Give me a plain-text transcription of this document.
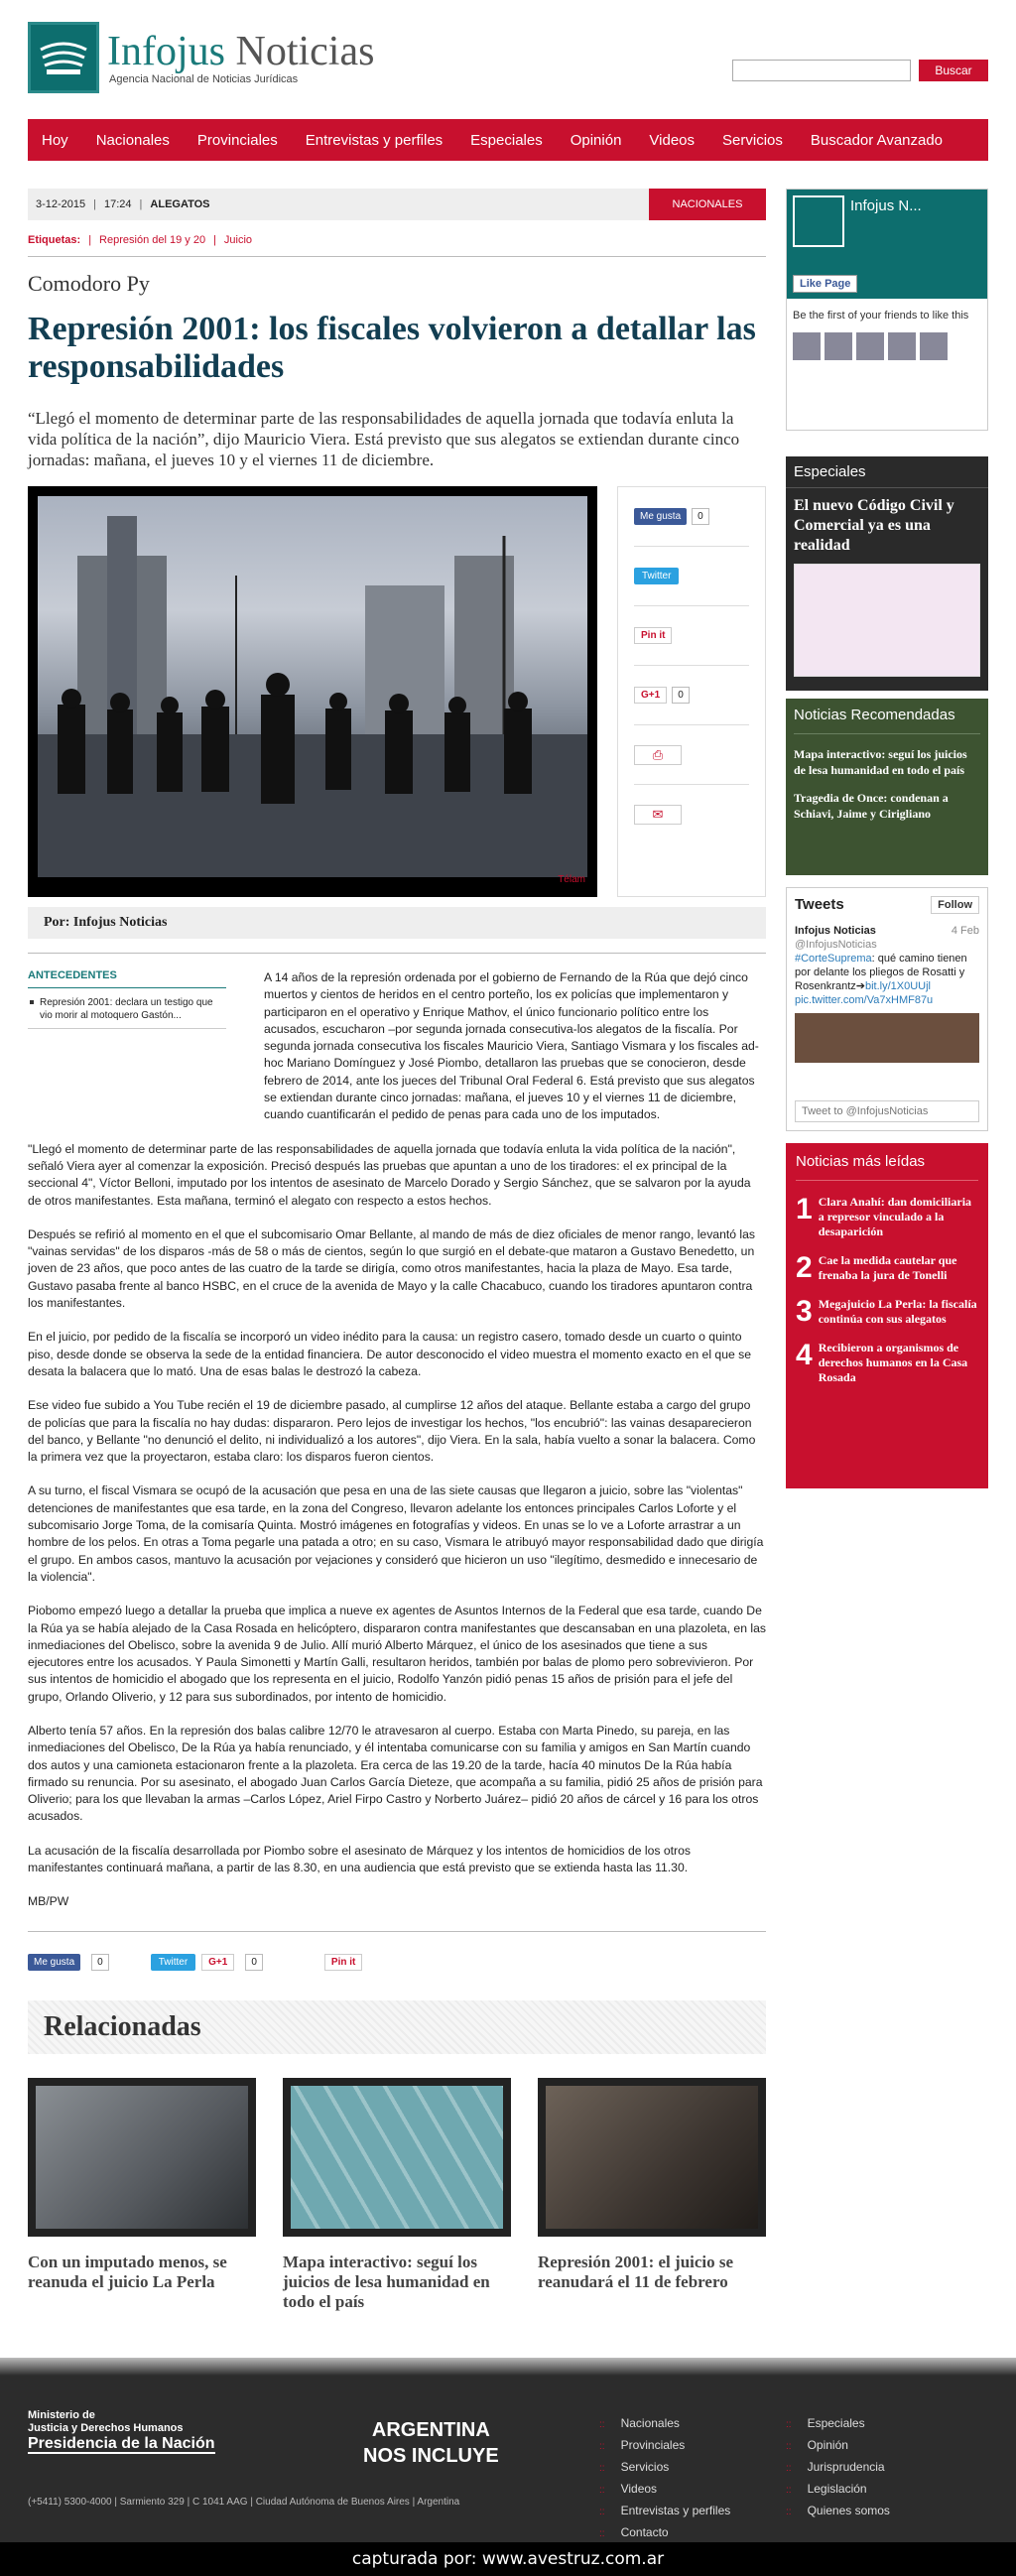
Infojus Noticias
Agencia Nacional de Noticias Jurídicas
Buscar
Hoy	Nacionales	Provinciales	Entrevistas y perfiles	Especiales	Opinión	Videos	Servicios	Buscador Avanzado
3-12-2015 | 17:24 | ALEGATOS	NACIONALES
Etiquetas: | Represión del 19 y 20 | Juicio
Comodoro Py
Represión 2001: los fiscales volvieron a detallar las responsabilidades

“Llegó el momento de determinar parte de las responsabilidades de aquella jornada que todavía enluta la vida política de la nación”, dijo Mauricio Viera. Está previsto que sus alegatos se extiendan durante cinco jornadas: mañana, el jueves 10 y el viernes 11 de diciembre.

Télam
Me gusta	0
Twitter
Pin it
G+1	0
⎙
✉
Por: Infojus Noticias
ANTECEDENTES
Represión 2001: declara un testigo que vio morir al motoquero Gastón...

A 14 años de la represión ordenada por el gobierno de Fernando de la Rúa que dejó cinco muertos y cientos de heridos en el centro porteño, los ex policías que implementaron y participaron en el operativo y Enrique Mathov, el único funcionario político entre los acusados, escucharon –por segunda jornada consecutiva-los alegatos de la fiscalía. Por segunda jornada consecutiva los fiscales Mauricio Viera, Santiago Vismara y los fiscales ad-hoc Mariano Domínguez y José Piombo, detallaron las pruebas que se conocieron, desde febrero de 2014, ante los jueces del Tribunal Oral Federal 6. Está previsto que sus alegatos se extiendan durante cinco jornadas: mañana, el jueves 10 y el viernes 11 de diciembre, cuando cuantificarán el pedido de penas para cada uno de los imputados.

"Llegó el momento de determinar parte de las responsabilidades de aquella jornada que todavía enluta la vida política de la nación", señaló Viera ayer al comenzar la exposición. Precisó después las pruebas que apuntan a uno de los tiradores: el ex principal de la seccional 4", Víctor Belloni, imputado por los intentos de asesinato de Marcelo Dorado y Sergio Sánchez, que se salvaron por la ayuda de otros manifestantes. Esta mañana, terminó el alegato con respecto a estos hechos.

Después se refirió al momento en el que el subcomisario Omar Bellante, al mando de más de diez oficiales de menor rango, levantó las "vainas servidas" de los disparos -más de 58 o más de cientos, según lo que surgió en el debate-que mataron a Gustavo Benedetto, un joven de 23 años, que poco antes de las cuatro de la tarde se dirigía, como otros manifestantes, hacia la plaza de Mayo. Esa tarde, Gustavo pasaba frente al banco HSBC, en el cruce de la avenida de Mayo y la calle Chacabuco, cuando los tiradores apuntaron contra los manifestantes.

En el juicio, por pedido de la fiscalía se incorporó un video inédito para la causa: un registro casero, tomado desde un cuarto o quinto piso, desde donde se observa la sede de la entidad financiera. De autor desconocido el video muestra el momento exacto en el que se desata la balacera que lo mató. Una de esas balas le destrozó la cabeza.

Ese video fue subido a You Tube recién el 19 de diciembre pasado, al cumplirse 12 años del ataque. Bellante estaba a cargo del grupo de policías que para la fiscalía no hay dudas: dispararon. Pero lejos de investigar los hechos, "los encubrió": las vainas desaparecieron del banco, y Bellante "no denunció el delito, ni individualizó a los autores", dijo Viera. En la sala, había vuelto a sonar la balacera. Como la primera vez que la proyectaron, estaba claro: los disparos fueron cientos.

A su turno, el fiscal Vismara se ocupó de la acusación que pesa en una de las siete causas que llegaron a juicio, sobre las "violentas" detenciones de manifestantes que esa tarde, en la zona del Congreso, llevaron adelante los entonces principales Carlos Loforte y el subcomisario Jorge Toma, de la comisaría Quinta. Mostró imágenes en fotografías y videos. En unas se lo ve a Loforte arrastrar a un hombre de los pelos. En otras a Toma pegarle una patada a otro; en su caso, Vismara le atribuyó mayor responsabilidad dado que dirigía el grupo. En ambos casos, mantuvo la acusación por vejaciones y consideró que hicieron un uso "ilegítimo, desmedido e innecesario de la violencia".

Piobomo empezó luego a detallar la prueba que implica a nueve ex agentes de Asuntos Internos de la Federal que esa tarde, cuando De la Rúa ya se había alejado de la Casa Rosada en helicóptero, dispararon contra manifestantes que descansaban en una plazoleta, en las inmediaciones del Obelisco, sobre la avenida 9 de Julio. Allí murió Alberto Márquez, el único de los asesinados que tiene a sus ejecutores entre los acusados. Y Paula Simonetti y Martín Galli, resultaron heridos, también por balas de plomo pero sobrevivieron. Por sus intentos de homicidio el abogado que los representa en el juicio, Rodolfo Yanzón pidió penas 15 años de prisión para el jefe del grupo, Orlando Oliverio, y 12 para sus subordinados, por intento de homicidio.

Alberto tenía 57 años. En la represión dos balas calibre 12/70 le atravesaron al cuerpo. Estaba con Marta Pinedo, su pareja, en las inmediaciones del Obelisco, De la Rúa ya había renunciado, y él intentaba comunicarse con su familia y amigos en San Martín cuando dos autos y una camioneta estacionaron frente a la plazoleta. Era cerca de las 19.20 de la tarde, hacía 40 minutos De la Rúa había firmado su renuncia. Por su asesinato, el abogado Juan Carlos García Dieteze, que acompaña a su familia, pidió 25 años de prisión para Oliverio; para los que llevaban la armas –Carlos López, Ariel Firpo Castro y Norberto Juárez– pidió 20 años de cárcel y 16 para los otros acusados.

La acusación de la fiscalía desarrollada por Piombo sobre el asesinato de Márquez y los intentos de homicidios de los otros manifestantes continuará mañana, a partir de las 8.30, en una audiencia que está previsto que se extienda hasta las 11.30.

MB/PW

Me gusta	0	Twitter	G+1	0	Pin it
Relacionadas
Con un imputado menos, se reanuda el juicio La Perla
Mapa interactivo: seguí los juicios de lesa humanidad en todo el país
Represión 2001: el juicio se reanudará el 11 de febrero
Infojus N...
Like Page
Be the first of your friends to like this
Especiales
El nuevo Código Civil y Comercial ya es una realidad
Noticias Recomendadas
Mapa interactivo: seguí los juicios de lesa humanidad en todo el país
Tragedia de Once: condenan a Schiavi, Jaime y Cirigliano
Tweets	Follow
Infojus Noticias	4 Feb
@InfojusNoticias
#CorteSuprema: qué camino tienen por delante los pliegos de Rosatti y Rosenkrantz➔bit.ly/1X0UUjl pic.twitter.com/Va7xHMF87u
Tweet to @InfojusNoticias
Noticias más leídas
1 Clara Anahí: dan domiciliaria a represor vinculado a la desaparición
2 Cae la medida cautelar que frenaba la jura de Tonelli
3 Megajuicio La Perla: la fiscalía continúa con sus alegatos
4 Recibieron a organismos de derechos humanos en la Casa Rosada
Ministerio de
Justicia y Derechos Humanos
Presidencia de la Nación
(+5411) 5300-4000 | Sarmiento 329 | C 1041 AAG | Ciudad Autónoma de Buenos Aires | Argentina
ARGENTINA
NOS INCLUYE
:: Nacionales
:: Provinciales
:: Servicios
:: Videos
:: Entrevistas y perfiles
:: Contacto
:: Especiales
:: Opinión
:: Jurisprudencia
:: Legislación
:: Quienes somos
capturada por: www.avestruz.com.ar
